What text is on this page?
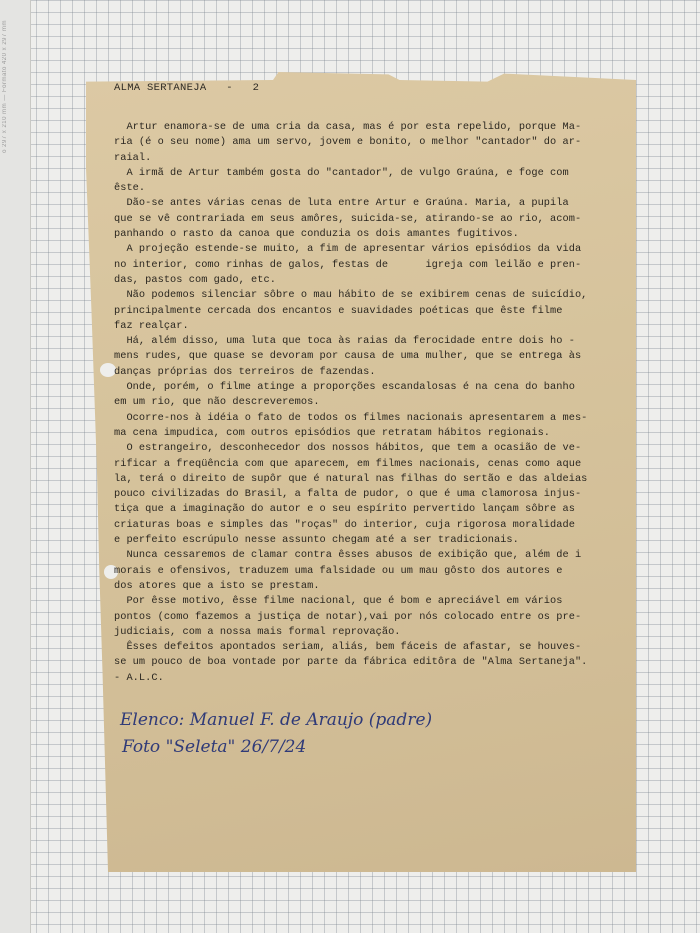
o 297 x 210 mm — Formato 420 x 297 mm	ALMA SERTANEJA   -   2
Artur enamora-se de uma cria da casa, mas é por esta repelido, porque Ma-
ria (é o seu nome) ama um servo, jovem e bonito, o melhor "cantador" do ar-
raial.
A irmã de Artur também gosta do "cantador", de vulgo Graúna, e foge com
êste.
Dão-se antes várias cenas de luta entre Artur e Graúna. Maria, a pupila
que se vê contrariada em seus amôres, suicida-se, atirando-se ao rio, acom-
panhando o rasto da canoa que conduzia os dois amantes fugitivos.
A projeção estende-se muito, a fim de apresentar vários episódios da vida
no interior, como rinhas de galos, festas de      igreja com leilão e pren-
das, pastos com gado, etc.
Não podemos silenciar sôbre o mau hábito de se exibirem cenas de suicídio,
principalmente cercada dos encantos e suavidades poéticas que êste filme
faz realçar.
Há, além disso, uma luta que toca às raias da ferocidade entre dois ho -
mens rudes, que quase se devoram por causa de uma mulher, que se entrega às
danças próprias dos terreiros de fazendas.
Onde, porém, o filme atinge a proporções escandalosas é na cena do banho
em um rio, que não descreveremos.
Ocorre-nos à idéia o fato de todos os filmes nacionais apresentarem a mes-
ma cena impudica, com outros episódios que retratam hábitos regionais.
O estrangeiro, desconhecedor dos nossos hábitos, que tem a ocasião de ve-
rificar a freqüência com que aparecem, em filmes nacionais, cenas como aque
la, terá o direito de supôr que é natural nas filhas do sertão e das aldeias
pouco civilizadas do Brasil, a falta de pudor, o que é uma clamorosa injus-
tiça que a imaginação do autor e o seu espírito pervertido lançam sôbre as
criaturas boas e simples das "roças" do interior, cuja rigorosa moralidade
e perfeito escrúpulo nesse assunto chegam até a ser tradicionais.
Nunca cessaremos de clamar contra êsses abusos de exibição que, além de i
morais e ofensivos, traduzem uma falsidade ou um mau gôsto dos autores e
dos atores que a isto se prestam.
Por êsse motivo, êsse filme nacional, que é bom e apreciável em vários
pontos (como fazemos a justiça de notar),vai por nós colocado entre os pre-
judiciais, com a nossa mais formal reprovação.
Êsses defeitos apontados seriam, aliás, bem fáceis de afastar, se houves-
se um pouco de boa vontade por parte da fábrica editôra de "Alma Sertaneja".
- A.L.C.
Elenco: Manuel F. de Araujo (padre)
Foto "Seleta" 26/7/24
